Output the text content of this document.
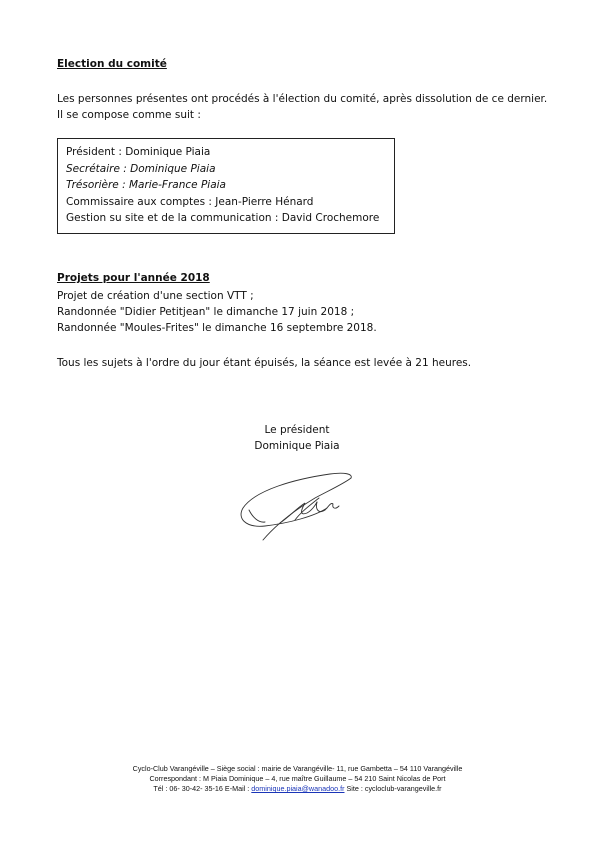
Election du comité
Les personnes présentes ont procédés à l'élection du comité, après dissolution de ce dernier.
Il se compose comme suit :
Président : Dominique Piaia
Secrétaire : Dominique Piaia
Trésorière : Marie-France Piaia
Commissaire aux comptes : Jean-Pierre Hénard
Gestion su site et de la communication : David Crochemore
Projets pour l'année 2018
Projet de création d'une section VTT ;
Randonnée "Didier Petitjean" le dimanche 17 juin 2018 ;
Randonnée "Moules-Frites" le dimanche 16 septembre 2018.
Tous les sujets à l'ordre du jour étant épuisés, la séance est levée à 21 heures.
Le président
Dominique Piaia
Cyclo-Club Varangéville – Siège social : mairie de Varangéville- 11, rue Gambetta – 54 110 Varangéville
Correspondant : M Piaia Dominique – 4, rue maître Guillaume – 54 210 Saint Nicolas de Port
Tél : 06- 30-42- 35-16 E-Mail : dominique.piaia@wanadoo.fr Site : cycloclub-varangeville.fr
